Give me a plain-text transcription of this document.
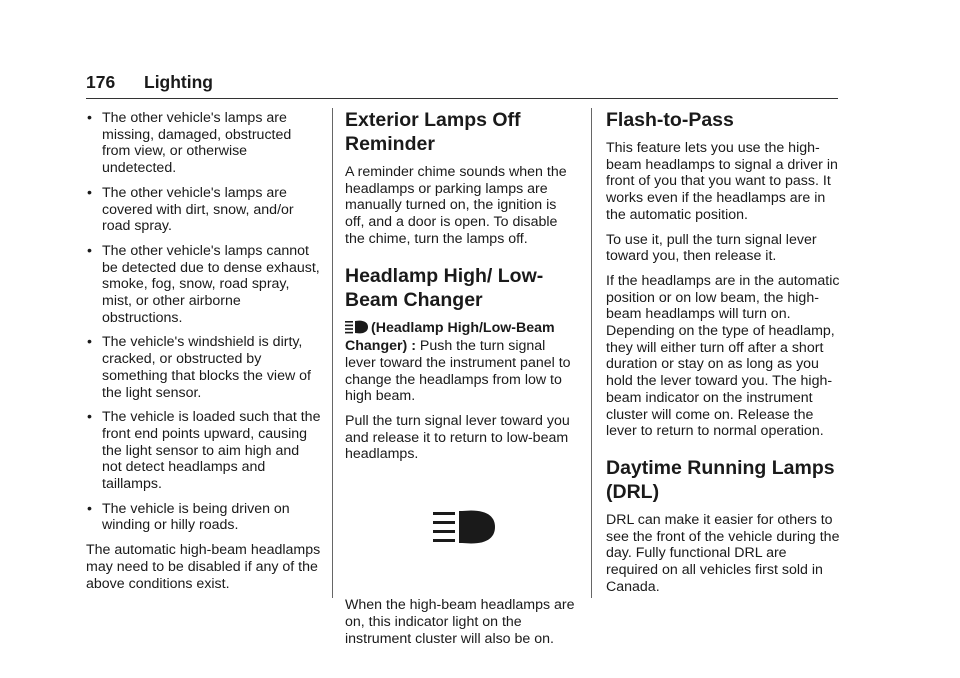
176 Lighting
• The other vehicle's lamps are missing, damaged, obstructed from view, or otherwise undetected.
• The other vehicle's lamps are covered with dirt, snow, and/or road spray.
• The other vehicle's lamps cannot be detected due to dense exhaust, smoke, fog, snow, road spray, mist, or other airborne obstructions.
• The vehicle's windshield is dirty, cracked, or obstructed by something that blocks the view of the light sensor.
• The vehicle is loaded such that the front end points upward, causing the light sensor to aim high and not detect headlamps and taillamps.
• The vehicle is being driven on winding or hilly roads.

The automatic high-beam headlamps may need to be disabled if any of the above conditions exist.

Exterior Lamps Off Reminder

A reminder chime sounds when the headlamps or parking lamps are manually turned on, the ignition is off, and a door is open. To disable the chime, turn the lamps off.

Headlamp High/ Low-Beam Changer

(Headlamp High/Low-Beam Changer) : Push the turn signal lever toward the instrument panel to change the headlamps from low to high beam.

Pull the turn signal lever toward you and release it to return to low-beam headlamps.

When the high-beam headlamps are on, this indicator light on the instrument cluster will also be on.

Flash-to-Pass

This feature lets you use the high-beam headlamps to signal a driver in front of you that you want to pass. It works even if the headlamps are in the automatic position.

To use it, pull the turn signal lever toward you, then release it.

If the headlamps are in the automatic position or on low beam, the high-beam headlamps will turn on. Depending on the type of headlamp, they will either turn off after a short duration or stay on as long as you hold the lever toward you. The high-beam indicator on the instrument cluster will come on. Release the lever to return to normal operation.

Daytime Running Lamps (DRL)

DRL can make it easier for others to see the front of the vehicle during the day. Fully functional DRL are required on all vehicles first sold in Canada.
